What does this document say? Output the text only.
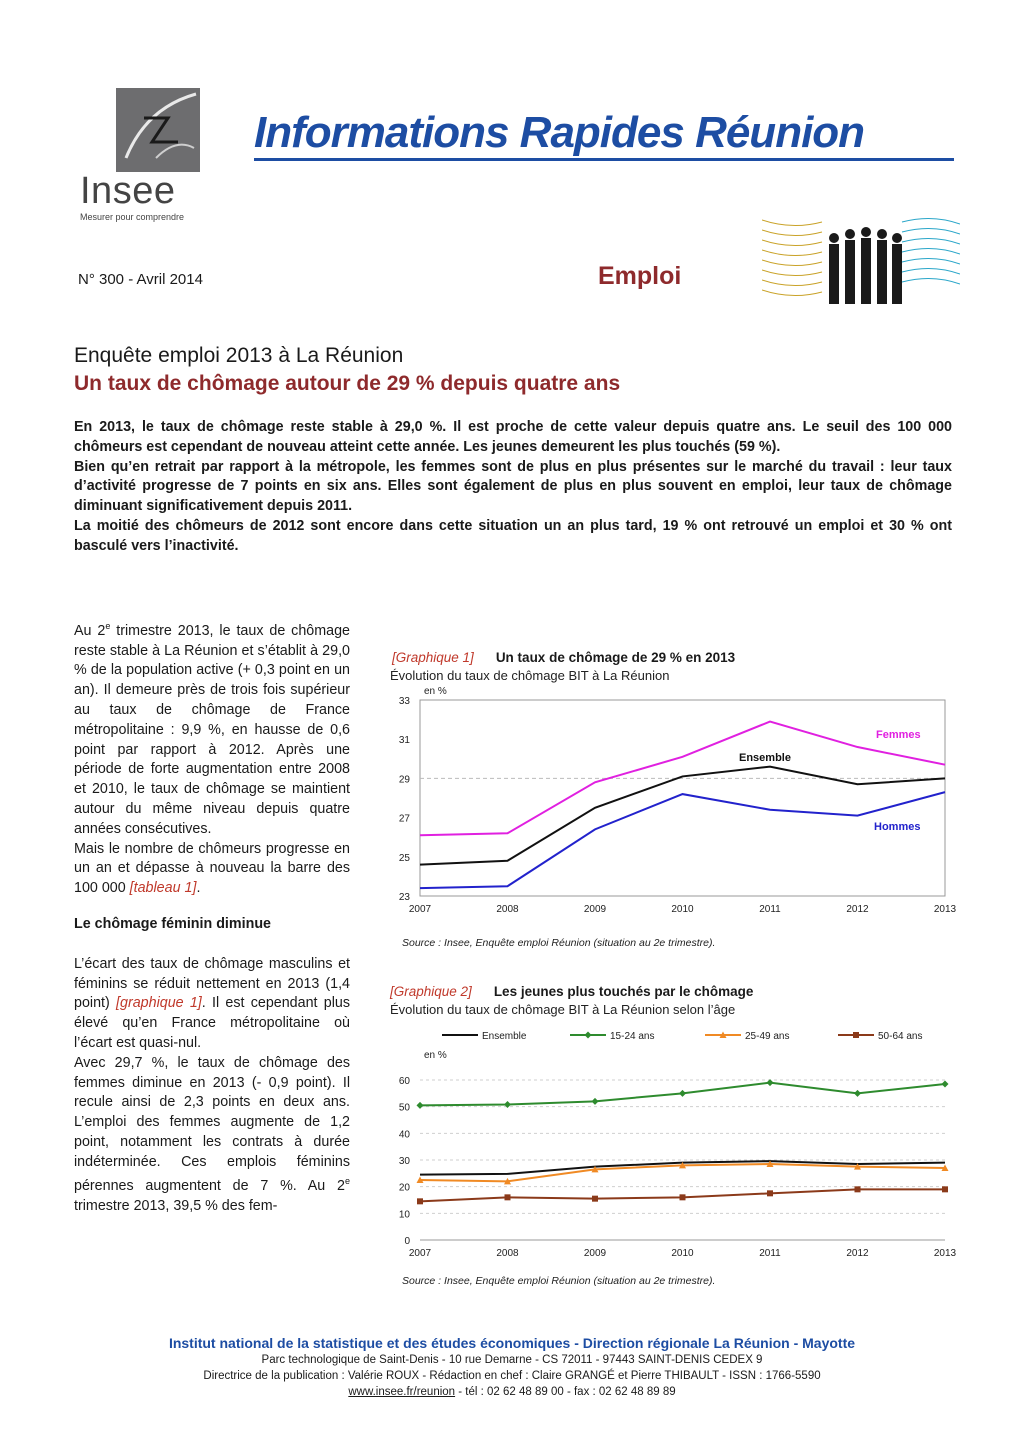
Insee
Mesurer pour comprendre
Informations Rapides Réunion
N° 300 - Avril 2014	Emploi
Enquête emploi 2013 à La Réunion
Un taux de chômage autour de 29 % depuis quatre ans

En 2013, le taux de chômage reste stable à 29,0 %. Il est proche de cette valeur depuis quatre ans. Le seuil des 100 000 chômeurs est cependant de nouveau atteint cette année. Les jeunes demeurent les plus touchés (59 %).

Bien qu’en retrait par rapport à la métropole, les femmes sont de plus en plus présentes sur le marché du travail : leur taux d’activité progresse de 7 points en six ans. Elles sont également de plus en plus souvent en emploi, leur taux de chômage diminuant significativement depuis 2011.

La moitié des chômeurs de 2012 sont encore dans cette situation un an plus tard, 19 % ont retrouvé un emploi et 30 % ont basculé vers l’inactivité.

Au 2e trimestre 2013, le taux de chômage reste stable à La Réunion et s’établit à 29,0 % de la population active (+ 0,3 point en un an). Il demeure près de trois fois supérieur au taux de chômage de France métropolitaine : 9,9 %, en hausse de 0,6 point par rapport à 2012. Après une période de forte augmentation entre 2008 et 2010, le taux de chômage se maintient autour du même niveau depuis quatre années consécutives.

Mais le nombre de chômeurs progresse en un an et dépasse à nouveau la barre des 100 000 [tableau 1].

Le chômage féminin diminue

L’écart des taux de chômage masculins et féminins se réduit nettement en 2013 (1,4 point) [graphique 1]. Il est cependant plus élevé qu’en France métropolitaine où l’écart est quasi-nul.

Avec 29,7 %, le taux de chômage des femmes diminue en 2013 (- 0,9 point). Il recule ainsi de 2,3 points en deux ans. L’emploi des femmes augmente de 1,2 point, notamment les contrats à durée indéterminée. Ces emplois féminins pérennes augmentent de 7 %. Au 2e trimestre 2013, 39,5 % des fem-

[Graphique 1] Un taux de chômage de 29 % en 2013
Évolution du taux de chômage BIT à La Réunion
en %
23
25
27
29
31
33
2007	2008	2009	2010	2011	2012	2013
Femmes
Ensemble
Hommes
Source : Insee, Enquête emploi Réunion (situation au 2e trimestre).
[Graphique 2] Les jeunes plus touchés par le chômage
Évolution du taux de chômage BIT à La Réunion selon l’âge
Ensemble	15-24 ans	25-49 ans	50-64 ans
en %
0
10
20
30
40
50
60
2007	2008	2009	2010	2011	2012	2013
Source : Insee, Enquête emploi Réunion (situation au 2e trimestre).
Institut national de la statistique et des études économiques - Direction régionale La Réunion - Mayotte
Parc technologique de Saint-Denis - 10 rue Demarne - CS 72011 - 97443 SAINT-DENIS CEDEX 9
Directrice de la publication : Valérie ROUX - Rédaction en chef : Claire GRANGÉ et Pierre THIBAULT - ISSN : 1766-5590
www.insee.fr/reunion - tél : 02 62 48 89 00 - fax : 02 62 48 89 89
